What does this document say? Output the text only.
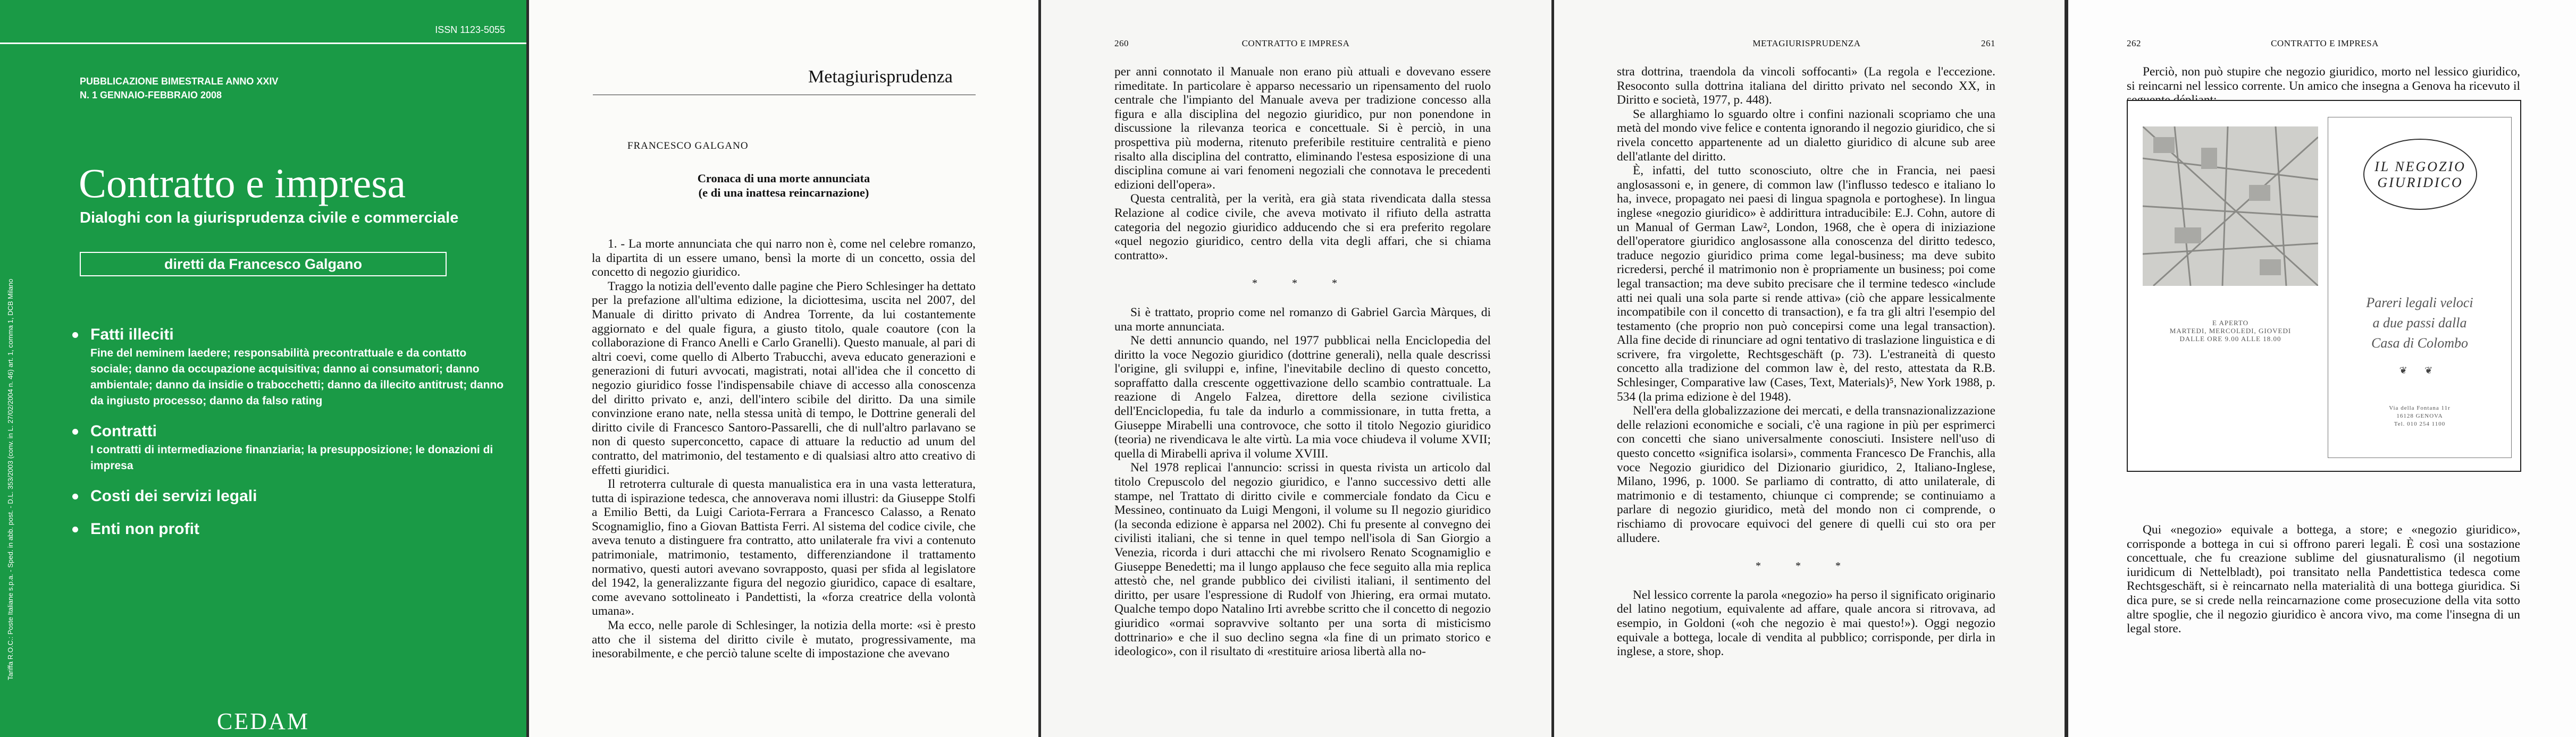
ISSN 1123-5055
PUBBLICAZIONE BIMESTRALE ANNO XXIV
N. 1 GENNAIO-FEBBRAIO 2008
Contratto e impresa
Dialoghi con la giurisprudenza civile e commerciale
diretti da Francesco Galgano
Fatti illeciti
Fine del neminem laedere; responsabilità precontrattuale e da contatto sociale; danno da occupazione acquisitiva; danno ai consumatori; danno ambientale; danno da insidie o trabocchetti; danno da illecito antitrust; danno da ingiusto processo; danno da falso rating
Contratti
I contratti di intermediazione finanziaria; la presupposizione; le donazioni di impresa
Costi dei servizi legali
Enti non profit
Tariffa R.O.C.: Poste Italiane s.p.a. - Sped. in abb. post. - D.L. 353/2003 (conv. in L. 27/02/2004 n. 46) art. 1, comma 1, DCB Milano
CEDAM
Metagiurisprudenza
FRANCESCO GALGANO
Cronaca di una morte annunciata
(e di una inattesa reincarnazione)

1. - La morte annunciata che qui narro non è, come nel celebre romanzo, la dipartita di un essere umano, bensì la morte di un concetto, ossia del concetto di negozio giuridico.

Traggo la notizia dell'evento dalle pagine che Piero Schlesinger ha dettato per la prefazione all'ultima edizione, la diciottesima, uscita nel 2007, del Manuale di diritto privato di Andrea Torrente, da lui costantemente aggiornato e del quale figura, a giusto titolo, quale coautore (con la collaborazione di Franco Anelli e Carlo Granelli). Questo manuale, al pari di altri coevi, come quello di Alberto Trabucchi, aveva educato generazioni e generazioni di futuri avvocati, magistrati, notai all'idea che il concetto di negozio giuridico fosse l'indispensabile chiave di accesso alla conoscenza del diritto privato e, anzi, dell'intero scibile del diritto. Da una simile convinzione erano nate, nella stessa unità di tempo, le Dottrine generali del diritto civile di Francesco Santoro-Passarelli, che di null'altro parlavano se non di questo superconcetto, capace di attuare la reductio ad unum del contratto, del matrimonio, del testamento e di qualsiasi altro atto creativo di effetti giuridici.

Il retroterra culturale di questa manualistica era in una vasta letteratura, tutta di ispirazione tedesca, che annoverava nomi illustri: da Giuseppe Stolfi a Emilio Betti, da Luigi Cariota-Ferrara a Francesco Calasso, a Renato Scognamiglio, fino a Giovan Battista Ferri. Al sistema del codice civile, che aveva tenuto a distinguere fra contratto, atto unilaterale fra vivi a contenuto patrimoniale, matrimonio, testamento, differenziandone il trattamento normativo, questi autori avevano sovrapposto, quasi per sfida al legislatore del 1942, la generalizzante figura del negozio giuridico, capace di esaltare, come avevano sottolineato i Pandettisti, la «forza creatrice della volontà umana».

Ma ecco, nelle parole di Schlesinger, la notizia della morte: «si è presto atto che il sistema del diritto civile è mutato, progressivamente, ma inesorabilmente, e che perciò talune scelte di impostazione che avevano

260	CONTRATTO E IMPRESA

per anni connotato il Manuale non erano più attuali e dovevano essere rimeditate. In particolare è apparso necessario un ripensamento del ruolo centrale che l'impianto del Manuale aveva per tradizione concesso alla figura e alla disciplina del negozio giuridico, pur non ponendone in discussione la rilevanza teorica e concettuale. Si è perciò, in una prospettiva più moderna, ritenuto preferibile restituire centralità e pieno risalto alla disciplina del contratto, eliminando l'estesa esposizione di una disciplina comune ai vari fenomeni negoziali che connotava le precedenti edizioni dell'opera».

Questa centralità, per la verità, era già stata rivendicata dalla stessa Relazione al codice civile, che aveva motivato il rifiuto della astratta categoria del negozio giuridico adducendo che si era preferito regolare «quel negozio giuridico, centro della vita degli affari, che si chiama contratto».

* * *

Si è trattato, proprio come nel romanzo di Gabriel Garcìa Màrques, di una morte annunciata.

Ne detti annuncio quando, nel 1977 pubblicai nella Enciclopedia del diritto la voce Negozio giuridico (dottrine generali), nella quale descrissi l'origine, gli sviluppi e, infine, l'inevitabile declino di questo concetto, sopraffatto dalla crescente oggettivazione dello scambio contrattuale. La reazione di Angelo Falzea, direttore della sezione civilistica dell'Enciclopedia, fu tale da indurlo a commissionare, in tutta fretta, a Giuseppe Mirabelli una controvoce, che sotto il titolo Negozio giuridico (teoria) ne rivendicava le alte virtù. La mia voce chiudeva il volume XVII; quella di Mirabelli apriva il volume XVIII.

Nel 1978 replicai l'annuncio: scrissi in questa rivista un articolo dal titolo Crepuscolo del negozio giuridico, e l'anno successivo detti alle stampe, nel Trattato di diritto civile e commerciale fondato da Cicu e Messineo, continuato da Luigi Mengoni, il volume su Il negozio giuridico (la seconda edizione è apparsa nel 2002). Chi fu presente al convegno dei civilisti italiani, che si tenne in quel tempo nell'isola di San Giorgio a Venezia, ricorda i duri attacchi che mi rivolsero Renato Scognamiglio e Giuseppe Benedetti; ma il lungo applauso che fece seguito alla mia replica attestò che, nel grande pubblico dei civilisti italiani, il sentimento del diritto, per usare l'espressione di Rudolf von Jhiering, era ormai mutato. Qualche tempo dopo Natalino Irti avrebbe scritto che il concetto di negozio giuridico «ormai sopravvive soltanto per una sorta di misticismo dottrinario» e che il suo declino segna «la fine di un primato storico e ideologico», con il risultato di «restituire ariosa libertà alla no-

METAGIURISPRUDENZA	261

stra dottrina, traendola da vincoli soffocanti» (La regola e l'eccezione. Resoconto sulla dottrina italiana del diritto privato nel secondo XX, in Diritto e società, 1977, p. 448).

Se allarghiamo lo sguardo oltre i confini nazionali scopriamo che una metà del mondo vive felice e contenta ignorando il negozio giuridico, che si rivela concetto appartenente ad un dialetto giuridico di alcune sub aree dell'atlante del diritto.

È, infatti, del tutto sconosciuto, oltre che in Francia, nei paesi anglosassoni e, in genere, di common law (l'influsso tedesco e italiano lo ha, invece, propagato nei paesi di lingua spagnola e portoghese). In lingua inglese «negozio giuridico» è addirittura intraducibile: E.J. Cohn, autore di un Manual of German Law², London, 1968, che è opera di iniziazione dell'operatore giuridico anglosassone alla conoscenza del diritto tedesco, traduce negozio giuridico prima come legal-business; ma deve subito ricredersi, perché il matrimonio non è propriamente un business; poi come legal transaction; ma deve subito precisare che il termine tedesco «include atti nei quali una sola parte si rende attiva» (ciò che appare lessicalmente incompatibile con il concetto di transaction), e fa tra gli altri l'esempio del testamento (che proprio non può concepirsi come una legal transaction). Alla fine decide di rinunciare ad ogni tentativo di traslazione linguistica e di scrivere, fra virgolette, Rechtsgeschäft (p. 73). L'estraneità di questo concetto alla tradizione del common law è, del resto, attestata da R.B. Schlesinger, Comparative law (Cases, Text, Materials)⁵, New York 1988, p. 534 (la prima edizione è del 1948).

Nell'era della globalizzazione dei mercati, e della transnazionalizzazione delle relazioni economiche e sociali, c'è una ragione in più per esprimerci con concetti che siano universalmente conosciuti. Insistere nell'uso di questo concetto «significa isolarsi», commenta Francesco De Franchis, alla voce Negozio giuridico del Dizionario giuridico, 2, Italiano-Inglese, Milano, 1996, p. 1000. Se parliamo di contratto, di atto unilaterale, di matrimonio e di testamento, chiunque ci comprende; se continuiamo a parlare di negozio giuridico, metà del mondo non ci comprende, o rischiamo di provocare equivoci del genere di quelli cui sto ora per alludere.

* * *

Nel lessico corrente la parola «negozio» ha perso il significato originario del latino negotium, equivalente ad affare, quale ancora si ritrovava, ad esempio, in Goldoni («oh che negozio è mai questo!»). Oggi negozio equivale a bottega, locale di vendita al pubblico; corrisponde, per dirla in inglese, a store, shop.

262	CONTRATTO E IMPRESA

Perciò, non può stupire che negozio giuridico, morto nel lessico giuridico, si reincarni nel lessico corrente. Un amico che insegna a Genova ha ricevuto il

E APERTO
MARTEDI, MERCOLEDI, GIOVEDI
DALLE ORE 9.00 ALLE 18.00
IL NEGOZIO GIURIDICO
Pareri legali veloci
a due passi dalla
Casa di Colombo
❦ ❦
Via della Fontana 11r
16128 GENOVA
Tel. 010 254 1100

Qui «negozio» equivale a bottega, a store; e «negozio giuridico», corrisponde a bottega in cui si offrono pareri legali. È così una sostazione concettuale, che fu creazione sublime del giusnaturalismo (il negotium iuridicum di Nettelbladt), poi transitato nella Pandettistica tedesca come Rechtsgeschäft, si è reincarnato nella materialità di una bottega giuridica. Si dica pure, se si crede nella reincarnazione come prosecuzione della vita sotto altre spoglie, che il negozio giuridico è ancora vivo, ma come l'insegna di un legal store.
